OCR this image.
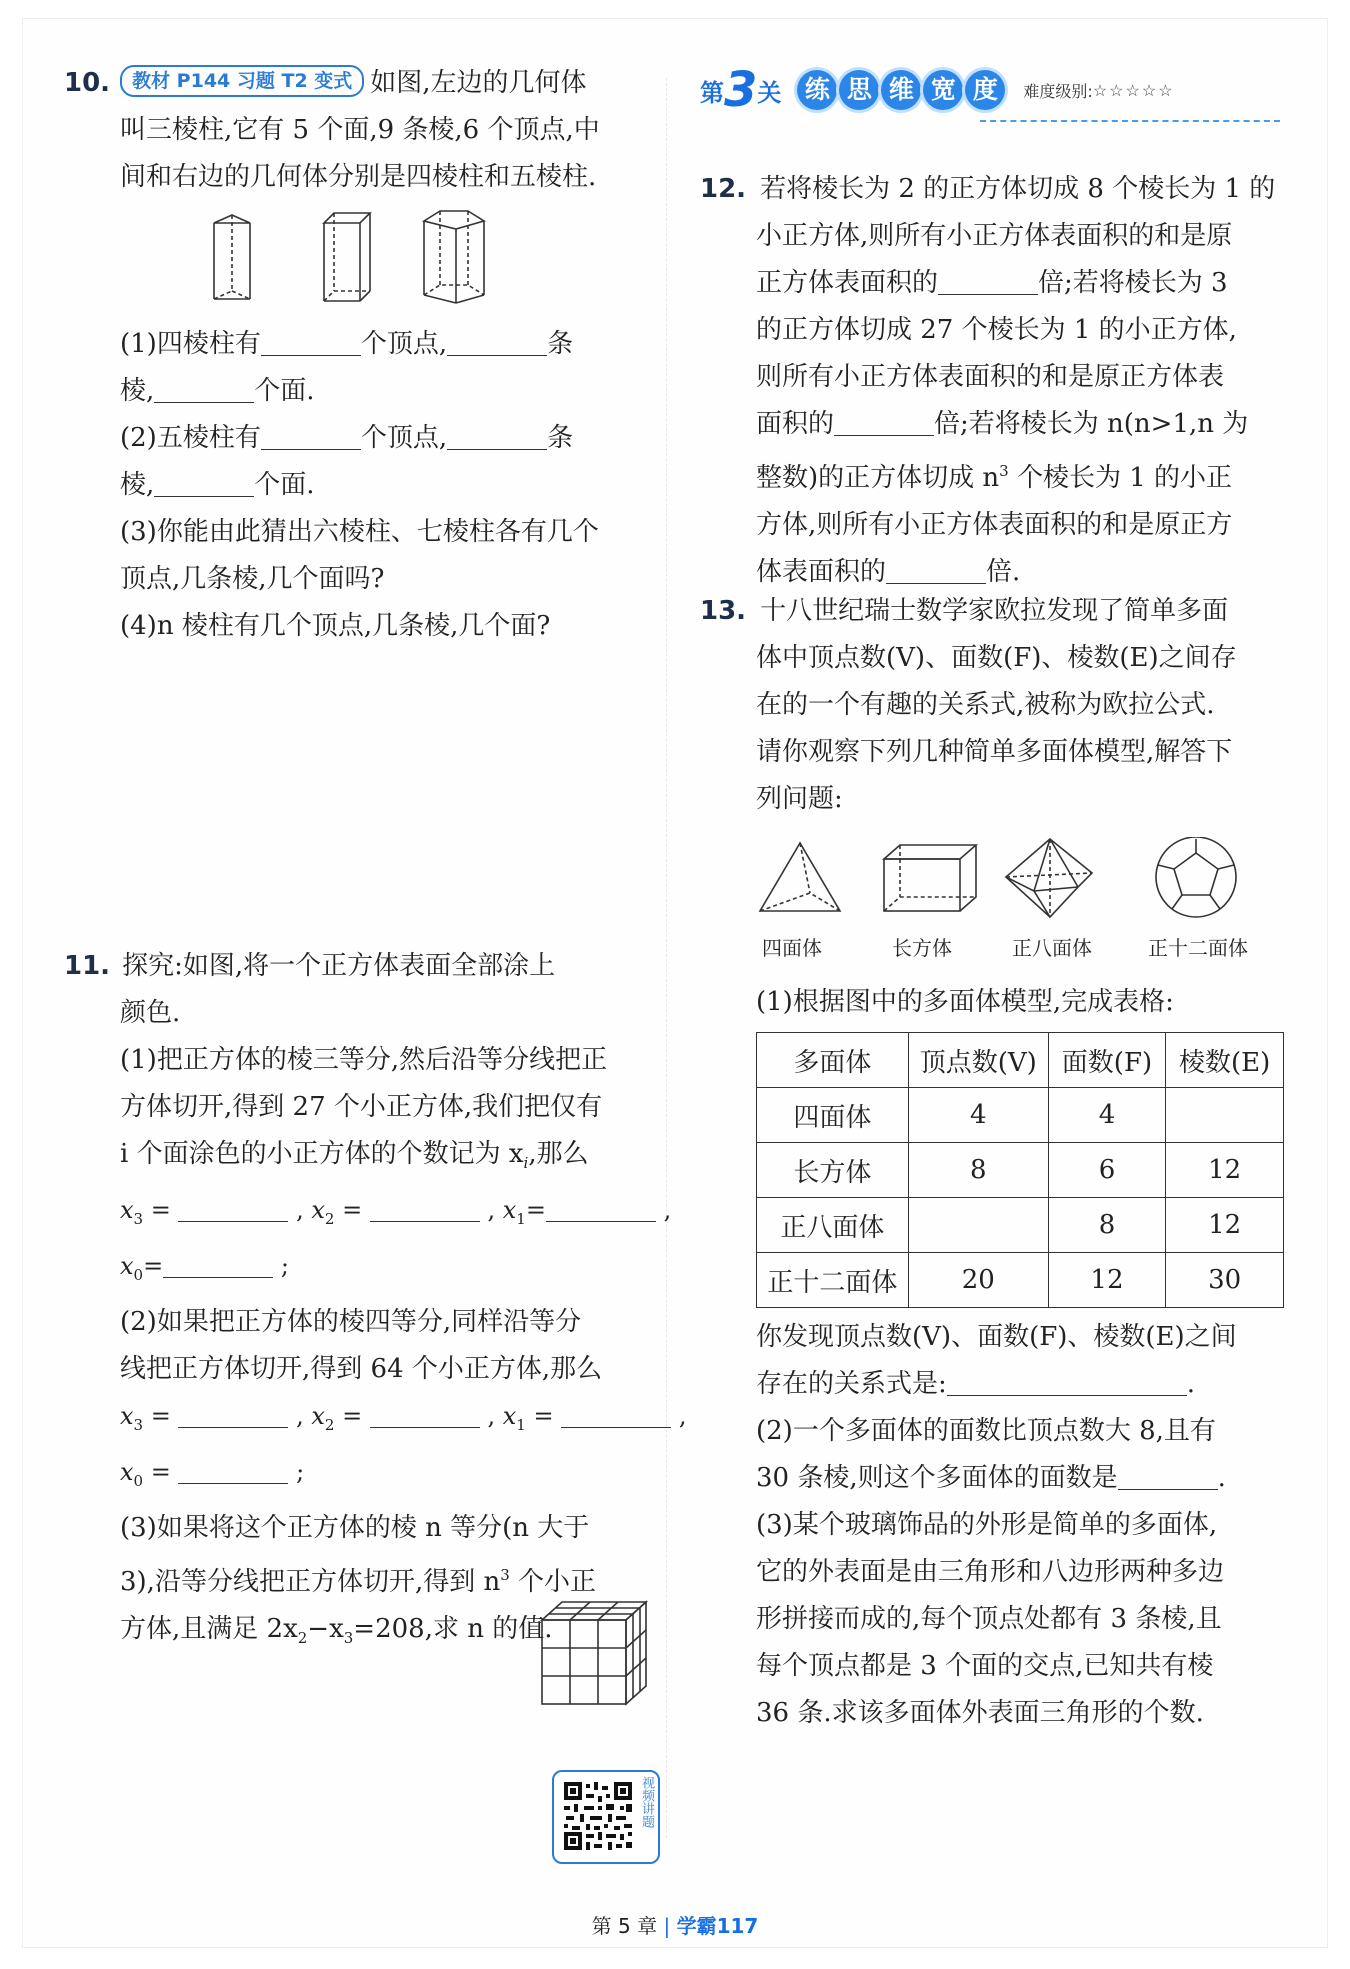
10. 教材 P144 习题 T2 变式 如图,左边的几何体

叫三棱柱,它有 5 个面,9 条棱,6 个顶点,中

间和右边的几何体分别是四棱柱和五棱柱.

(1)四棱柱有	个顶点,	条

棱,	个面.

(2)五棱柱有	个顶点,	条

棱,	个面.

(3)你能由此猜出六棱柱、七棱柱各有几个

顶点,几条棱,几个面吗?

(4)n 棱柱有几个顶点,几条棱,几个面?

11. 探究:如图,将一个正方体表面全部涂上

颜色.

(1)把正方体的棱三等分,然后沿等分线把正

方体切开,得到 27 个小正方体,我们把仅有

i 个面涂色的小正方体的个数记为 $x_i$,那么

$x_3$ =	, $x_2$ =	, $x_1=$	,

$x_0=$	;

(2)如果把正方体的棱四等分,同样沿等分

线把正方体切开,得到 64 个小正方体,那么

$x_3$ =	, $x_2$ =	, $x_1$ =	,

$x_0$ =	;

(3)如果将这个正方体的棱 n 等分(n 大于

3),沿等分线把正方体切开,得到 $n^3$ 个小正

方体,且满足 $2x_2-x_3=208$,求 n 的值.

视频讲题
第 3 关 练 思 维 宽 度	难度级别: ☆☆☆☆☆

12. 若将棱长为 2 的正方体切成 8 个棱长为 1 的

小正方体,则所有小正方体表面积的和是原

正方体表面积的	倍;若将棱长为 3

的正方体切成 27 个棱长为 1 的小正方体,

则所有小正方体表面积的和是原正方体表

面积的	倍;若将棱长为 n(n>1,n 为

整数)的正方体切成 $n^3$ 个棱长为 1 的小正

方体,则所有小正方体表面积的和是原正方

体表面积的	倍.

13. 十八世纪瑞士数学家欧拉发现了简单多面

体中顶点数(V)、面数(F)、棱数(E)之间存

在的一个有趣的关系式,被称为欧拉公式.

请你观察下列几种简单多面体模型,解答下

列问题:

四面体	长方体	正八面体	正十二面体

(1)根据图中的多面体模型,完成表格:

多面体	顶点数(V)	面数(F)	棱数(E)
四面体	4	4	
长方体	8	6	12
正八面体		8	12
正十二面体	20	12	30

你发现顶点数(V)、面数(F)、棱数(E)之间

存在的关系式是:	.

(2)一个多面体的面数比顶点数大 8,且有

30 条棱,则这个多面体的面数是	.

(3)某个玻璃饰品的外形是简单的多面体,

它的外表面是由三角形和八边形两种多边

形拼接而成的,每个顶点处都有 3 条棱,且

每个顶点都是 3 个面的交点,已知共有棱

36 条.求该多面体外表面三角形的个数.

第 5 章 | 学霸117
